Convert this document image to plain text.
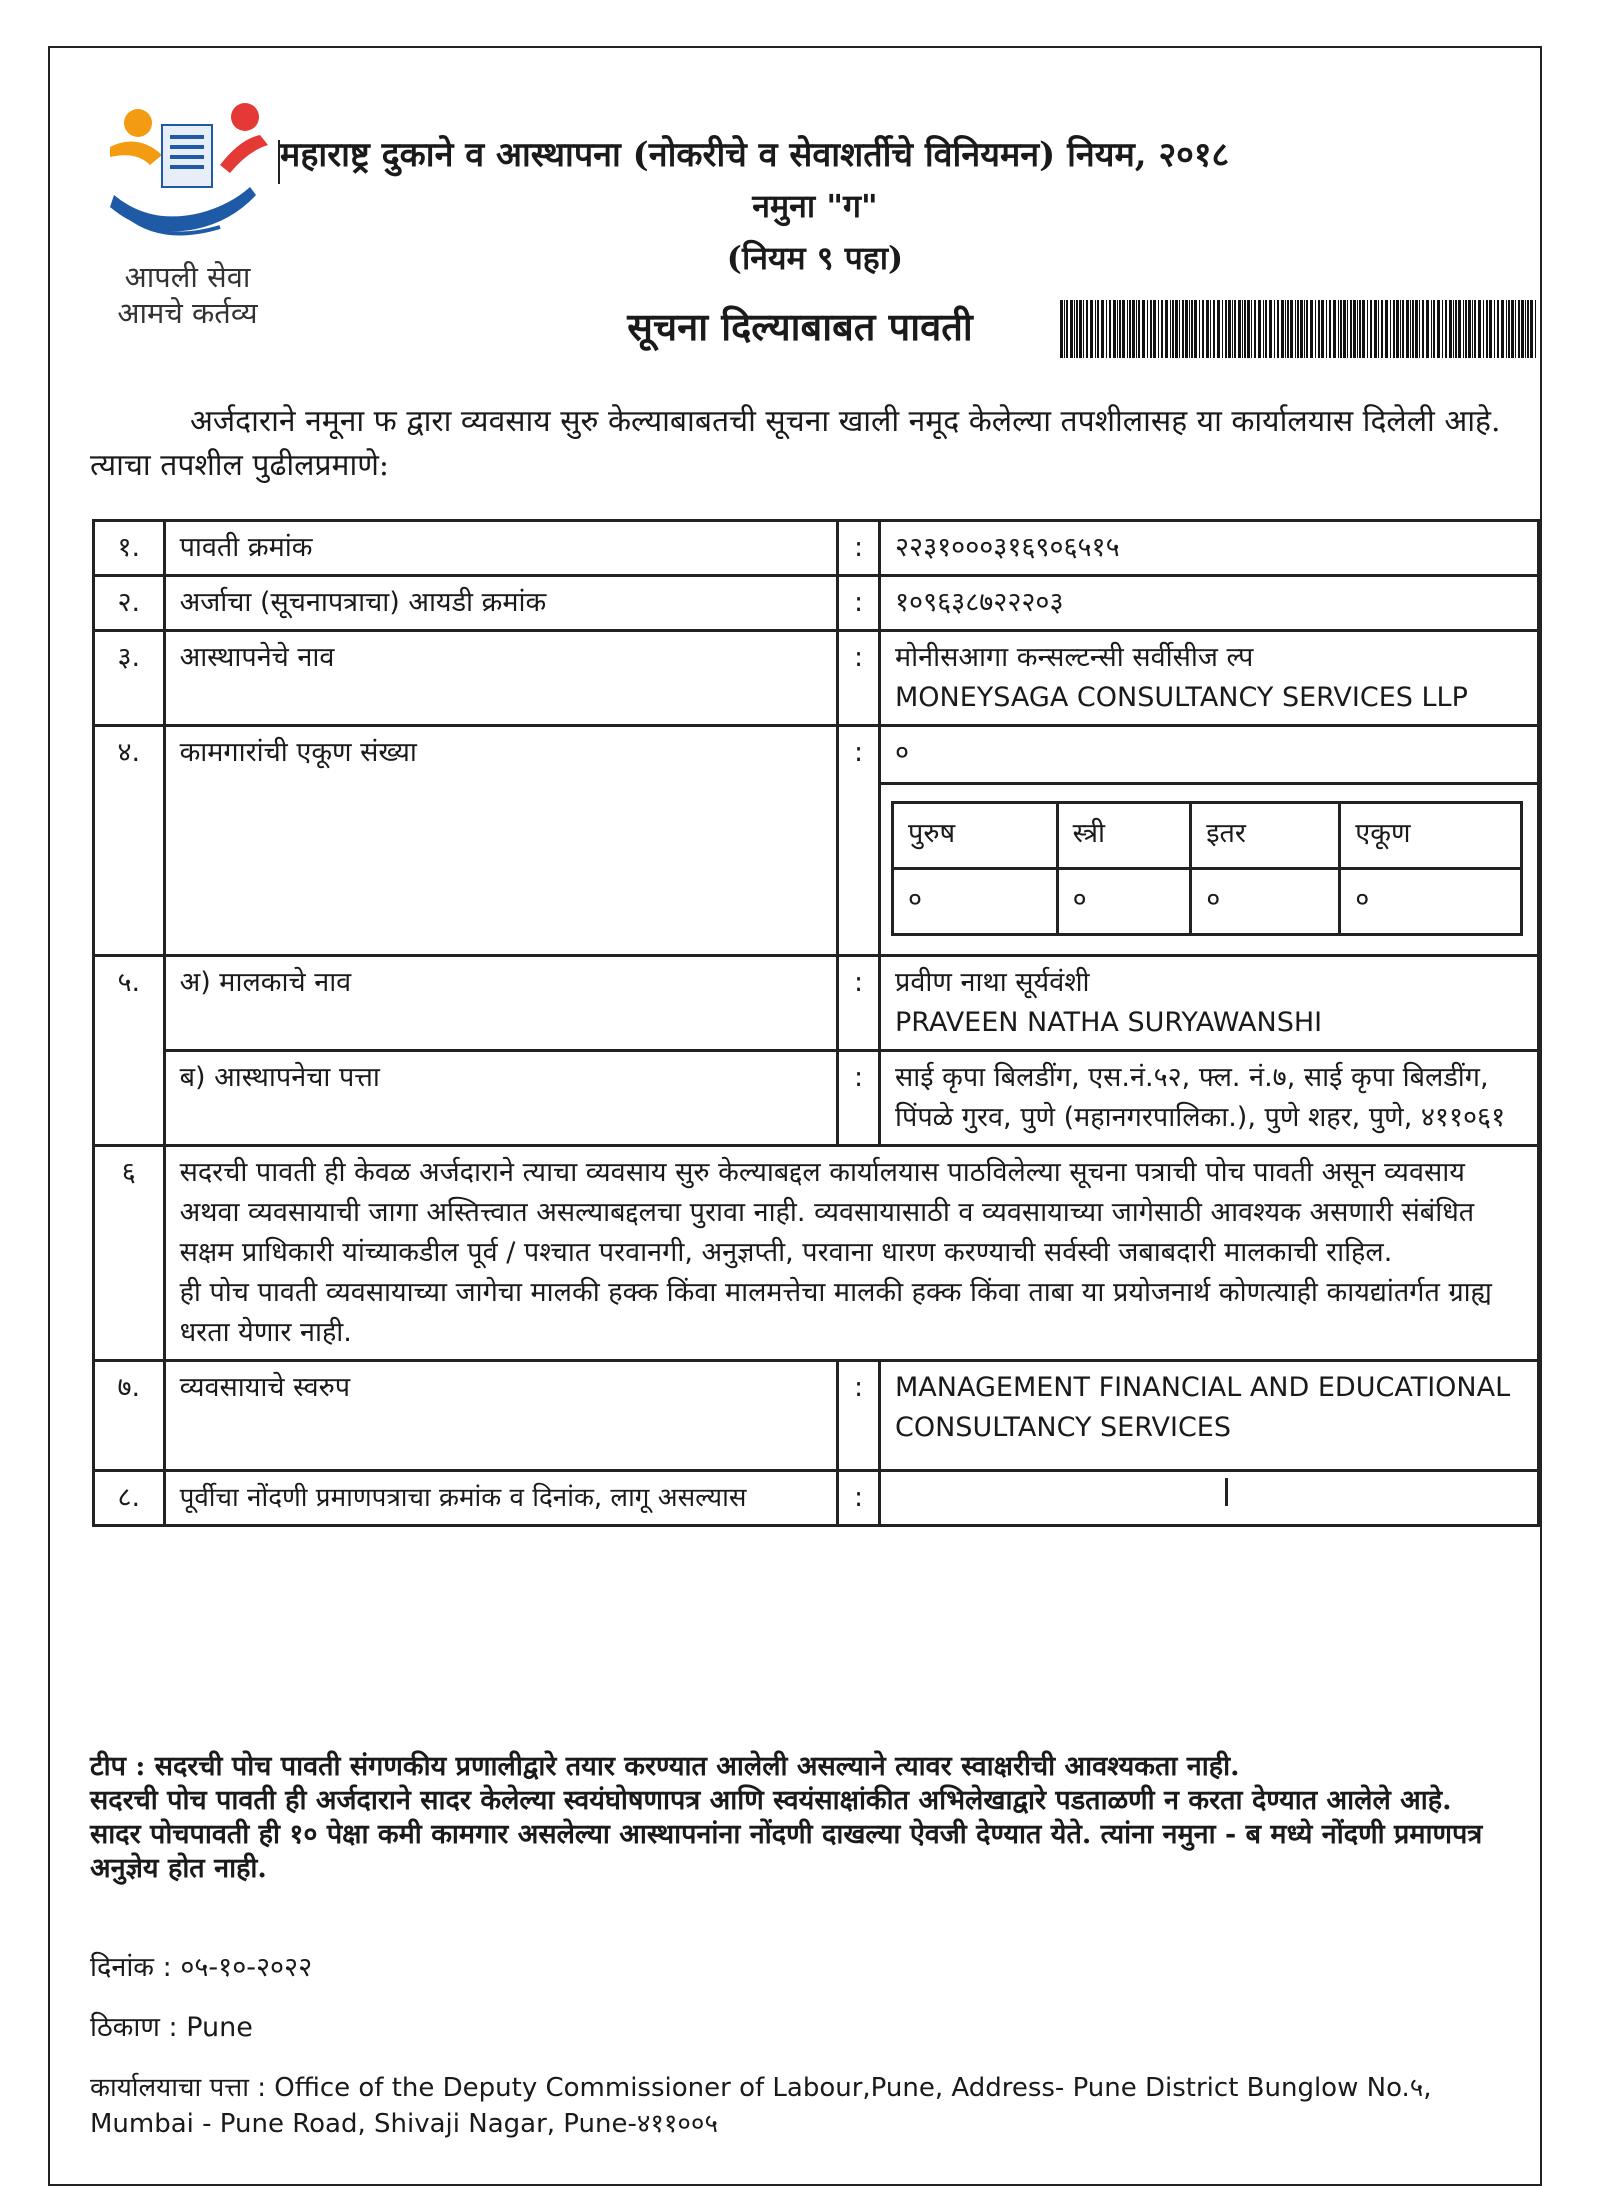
आपली सेवा
आमचे कर्तव्य
महाराष्ट्र दुकाने व आस्थापना (नोकरीचे व सेवाशर्तीचे विनियमन) नियम, २०१८
नमुना "ग"
(नियम ९ पहा)
सूचना दिल्याबाबत पावती
अर्जदाराने नमूना फ द्वारा व्यवसाय सुरु केल्याबाबतची सूचना खाली नमूद केलेल्या तपशीलासह या कार्यालयास दिलेली आहे. त्याचा तपशील पुढीलप्रमाणे:
१.	पावती क्रमांक	:	२२३१०००३१६९०६५१५
२.	अर्जाचा (सूचनापत्राचा) आयडी क्रमांक	:	१०९६३८७२२२०३
३.	आस्थापनेचे नाव	:	मोनीसआगा कन्सल्टन्सी सर्वीसीज ल्प
MONEYSAGA CONSULTANCY SERVICES LLP

४.	कामगारांची एकूण संख्या	:	०

पुरुष	स्त्री	इतर	एकूण
०	०	०	०

५.	अ) मालकाचे नाव	:	प्रवीण नाथा सूर्यवंशी
PRAVEEN NATHA SURYAWANSHI

ब) आस्थापनेचा पत्ता	:	साई कृपा बिलडींग, एस.नं.५२, फ्ल. नं.७, साई कृपा बिलडींग, पिंपळे गुरव, पुणे (महानगरपालिका.), पुणे शहर, पुणे, ४११०६१
६	सदरची पावती ही केवळ अर्जदाराने त्याचा व्यवसाय सुरु केल्याबद्दल कार्यालयास पाठविलेल्या सूचना पत्राची पोच पावती असून व्यवसाय अथवा व्यवसायाची जागा अस्तित्त्वात असल्याबद्दलचा पुरावा नाही. व्यवसायासाठी व व्यवसायाच्या जागेसाठी आवश्यक असणारी संबंधित सक्षम प्राधिकारी यांच्याकडील पूर्व / पश्चात परवानगी, अनुज्ञप्ती, परवाना धारण करण्याची सर्वस्वी जबाबदारी मालकाची राहिल.
ही पोच पावती व्यवसायाच्या जागेचा मालकी हक्क किंवा मालमत्तेचा मालकी हक्क किंवा ताबा या प्रयोजनार्थ कोणत्याही कायद्यांतर्गत ग्राह्य धरता येणार नाही.

७.	व्यवसायाचे स्वरुप	:	MANAGEMENT FINANCIAL AND EDUCATIONAL CONSULTANCY SERVICES
८.	पूर्वीचा नोंदणी प्रमाणपत्राचा क्रमांक व दिनांक, लागू असल्यास	:	
टीप : सदरची पोच पावती संगणकीय प्रणालीद्वारे तयार करण्यात आलेली असल्याने त्यावर स्वाक्षरीची आवश्यकता नाही.
सदरची पोच पावती ही अर्जदाराने सादर केलेल्या स्वयंघोषणापत्र आणि स्वयंसाक्षांकीत अभिलेखाद्वारे पडताळणी न करता देण्यात आलेले आहे.
सादर पोचपावती ही १० पेक्षा कमी कामगार असलेल्या आस्थापनांना नोंदणी दाखल्या ऐवजी देण्यात येते. त्यांना नमुना - ब मध्ये नोंदणी प्रमाणपत्र अनुज्ञेय होत नाही.
दिनांक : ०५-१०-२०२२
ठिकाण : Pune
कार्यालयाचा पत्ता : Office of the Deputy Commissioner of Labour,Pune, Address- Pune District Bunglow No.५, Mumbai - Pune Road, Shivaji Nagar, Pune-४११००५
